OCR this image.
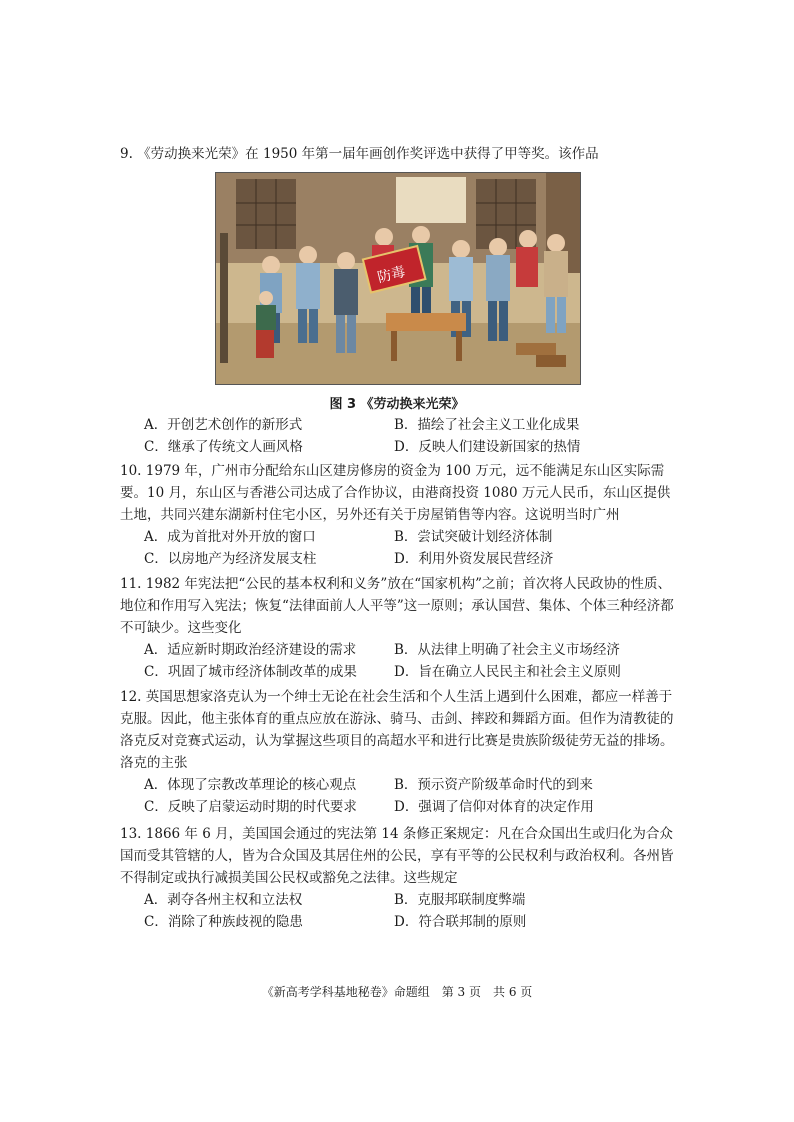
9. 《劳动换来光荣》在 1950 年第一届年画创作奖评选中获得了甲等奖。该作品
防毒
图 3 《劳动换来光荣》
A．开创艺术创作的新形式	B．描绘了社会主义工业化成果
C．继承了传统文人画风格	D．反映人们建设新国家的热情
10. 1979 年，广州市分配给东山区建房修房的资金为 100 万元，远不能满足东山区实际需要。10 月，东山区与香港公司达成了合作协议，由港商投资 1080 万元人民币，东山区提供土地，共同兴建东湖新村住宅小区，另外还有关于房屋销售等内容。这说明当时广州
A．成为首批对外开放的窗口	B．尝试突破计划经济体制
C．以房地产为经济发展支柱	D．利用外资发展民营经济
11. 1982 年宪法把“公民的基本权利和义务”放在“国家机构”之前；首次将人民政协的性质、地位和作用写入宪法；恢复“法律面前人人平等”这一原则；承认国营、集体、个体三种经济都不可缺少。这些变化
A．适应新时期政治经济建设的需求	B．从法律上明确了社会主义市场经济
C．巩固了城市经济体制改革的成果	D．旨在确立人民民主和社会主义原则
12. 英国思想家洛克认为一个绅士无论在社会生活和个人生活上遇到什么困难，都应一样善于克服。因此，他主张体育的重点应放在游泳、骑马、击剑、摔跤和舞蹈方面。但作为清教徒的洛克反对竞赛式运动，认为掌握这些项目的高超水平和进行比赛是贵族阶级徒劳无益的排场。洛克的主张
A．体现了宗教改革理论的核心观点	B．预示资产阶级革命时代的到来
C．反映了启蒙运动时期的时代要求	D．强调了信仰对体育的决定作用
13. 1866 年 6 月，美国国会通过的宪法第 14 条修正案规定：凡在合众国出生或归化为合众国而受其管辖的人，皆为合众国及其居住州的公民，享有平等的公民权利与政治权利。各州皆不得制定或执行减损美国公民权或豁免之法律。这些规定
A．剥夺各州主权和立法权	B．克服邦联制度弊端
C．消除了种族歧视的隐患	D．符合联邦制的原则
《新高考学科基地秘卷》命题组　第 3 页　共 6 页
